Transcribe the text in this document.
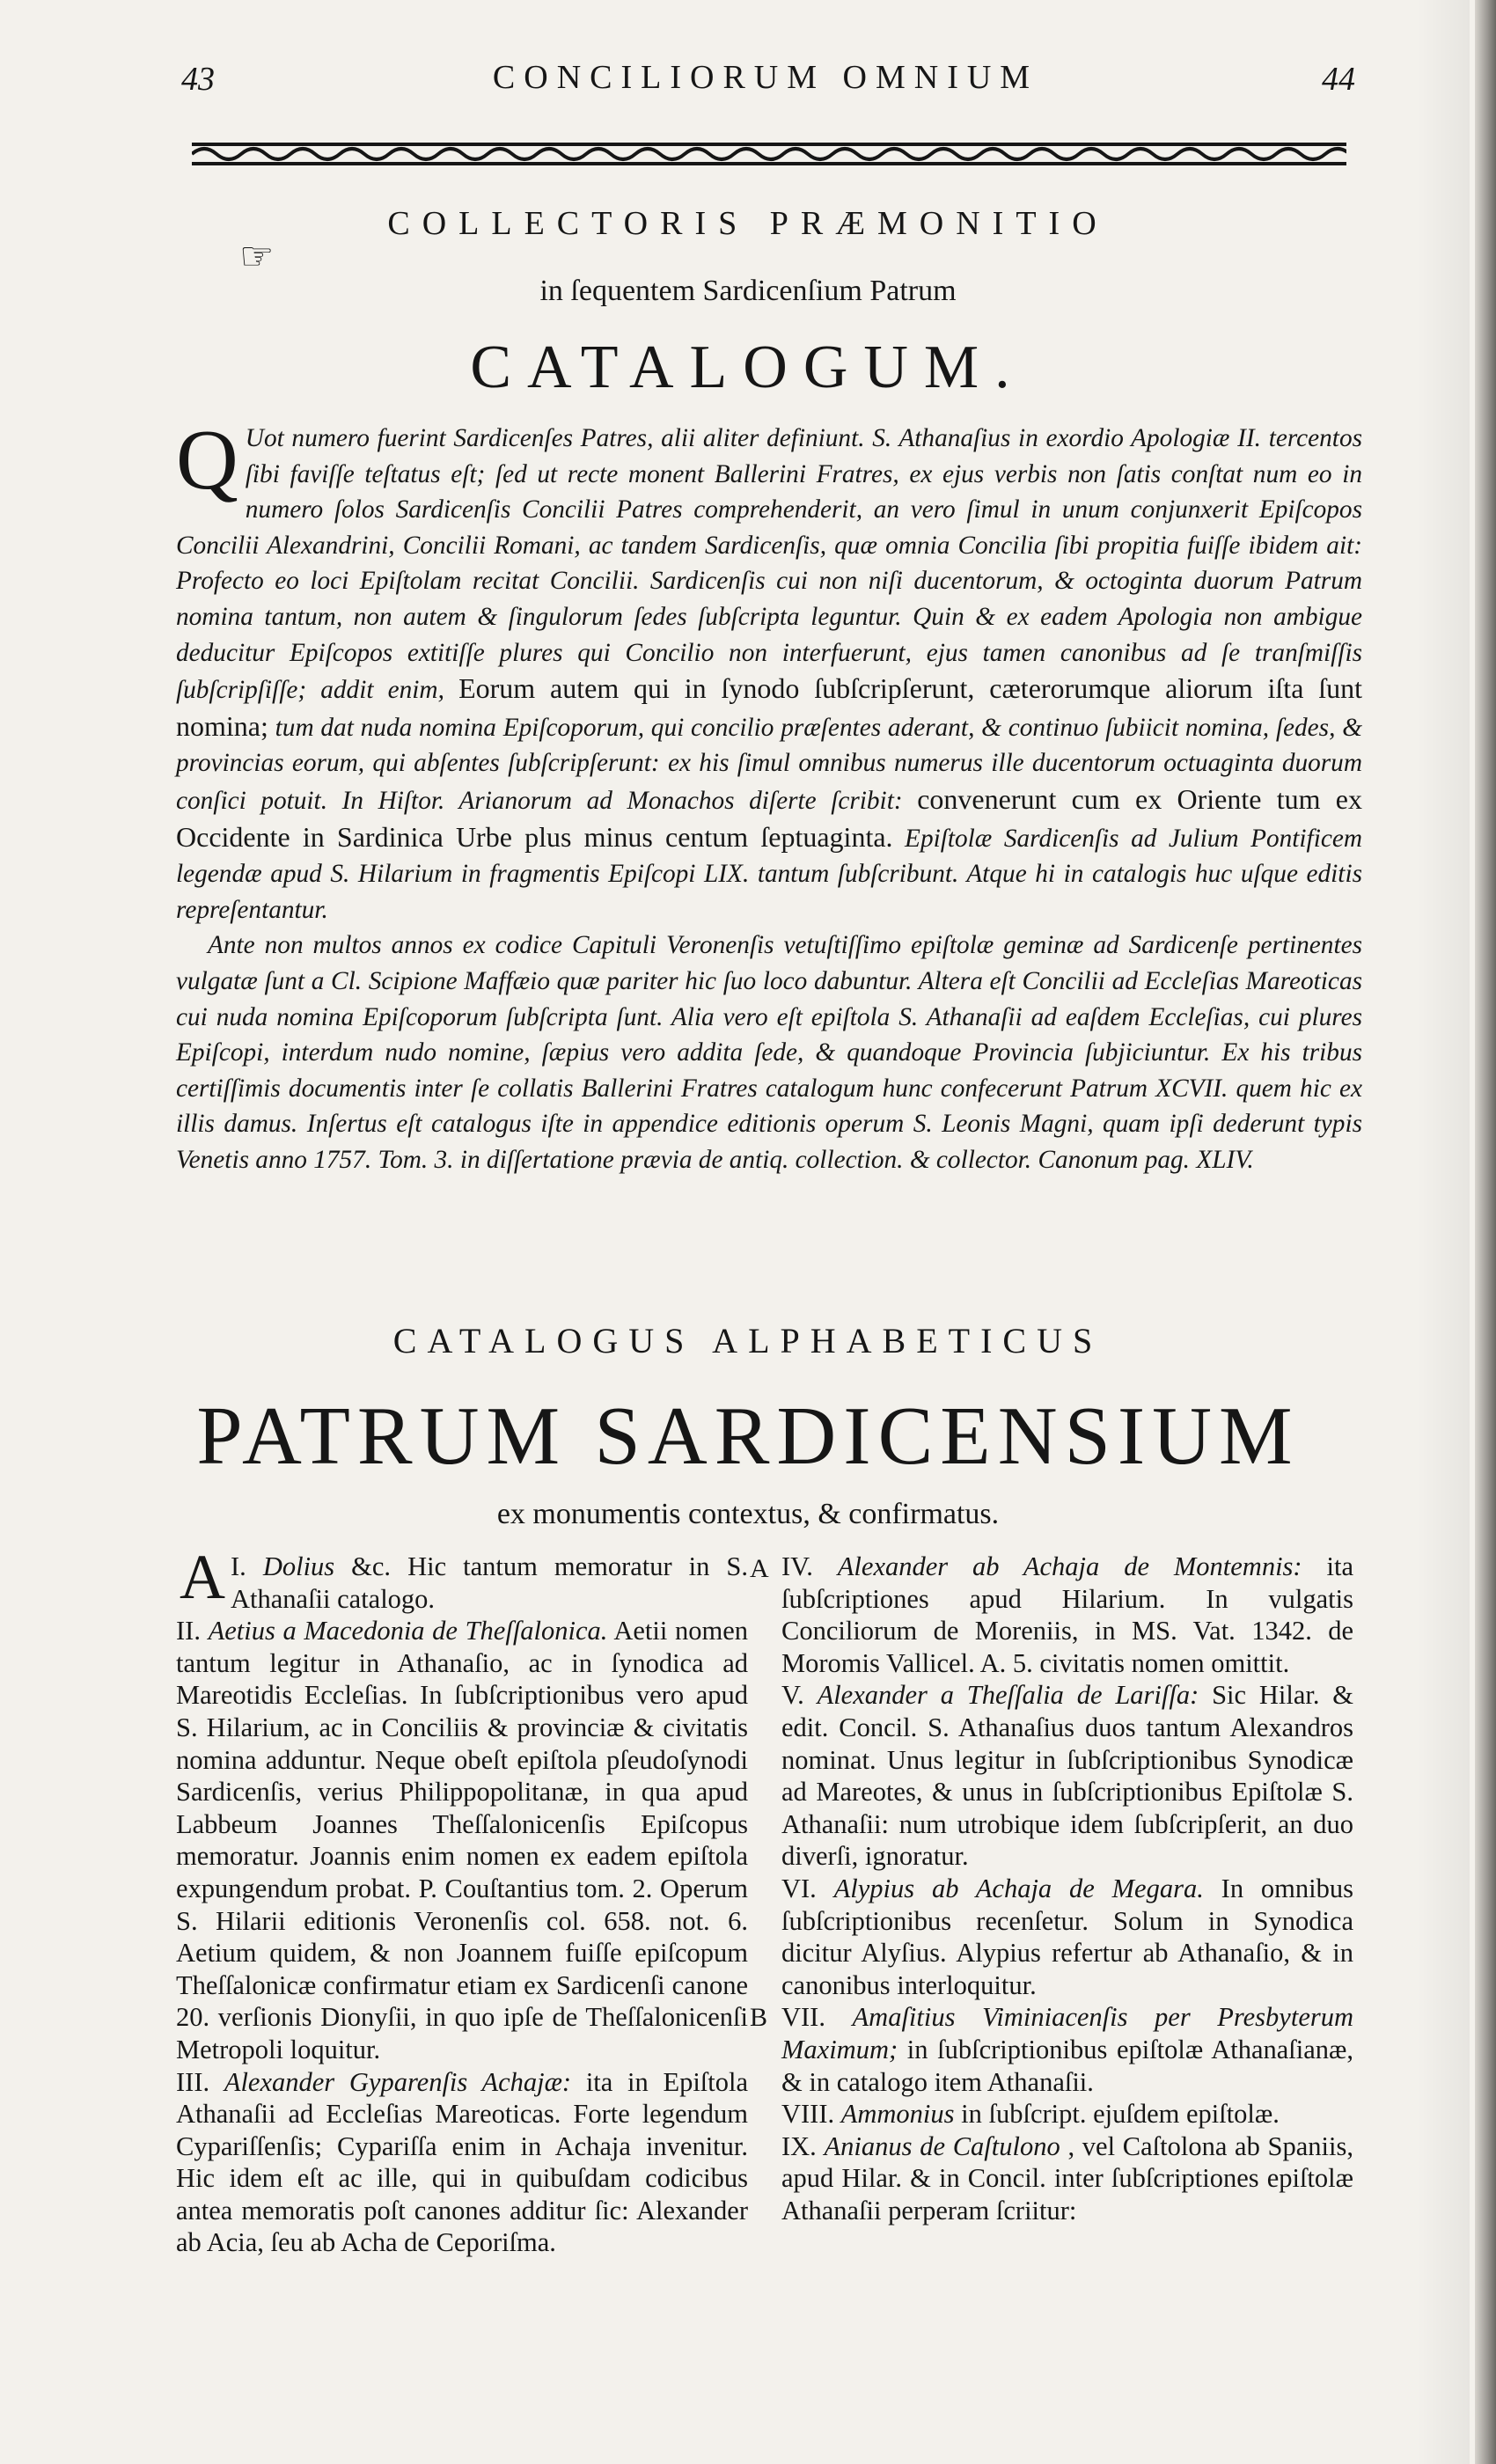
43	CONCILIORUM OMNIUM	44
COLLECTORIS PRÆMONITIO
☞
in ſequentem Sardicenſium Patrum
CATALOGUM.

Q Uot numero fuerint Sardicenſes Patres, alii aliter definiunt. S. Athanaſius in exordio Apologiæ II. tercentos ſibi faviſſe teſtatus eſt; ſed ut recte monent Ballerini Fratres, ex ejus verbis non ſatis conſtat num eo in numero ſolos Sardicenſis Concilii Patres comprehenderit, an vero ſimul in unum conjunxerit Epiſcopos Concilii Alexandrini, Concilii Romani, ac tandem Sardicenſis, quæ omnia Concilia ſibi propitia fuiſſe ibidem ait: Profecto eo loci Epiſtolam recitat Concilii. Sardicenſis cui non niſi ducentorum, & octoginta duorum Patrum nomina tantum, non autem & ſingulorum ſedes ſubſcripta leguntur. Quin & ex eadem Apologia non ambigue deducitur Epiſcopos extitiſſe plures qui Concilio non interfuerunt, ejus tamen canonibus ad ſe tranſmiſſis ſubſcripſiſſe; addit enim, Eorum autem qui in ſynodo ſubſcripſerunt, cæterorumque aliorum iſta ſunt nomina; tum dat nuda nomina Epiſcoporum, qui concilio præſentes aderant, & continuo ſubiicit nomina, ſedes, & provincias eorum, qui abſentes ſubſcripſerunt: ex his ſimul omnibus numerus ille ducentorum octuaginta duorum conſici potuit. In Hiſtor. Arianorum ad Monachos diſerte ſcribit: convenerunt cum ex Oriente tum ex Occidente in Sardinica Urbe plus minus centum ſeptuaginta. Epiſtolæ Sardicenſis ad Julium Pontificem legendæ apud S. Hilarium in fragmentis Epiſcopi LIX. tantum ſubſcribunt. Atque hi in catalogis huc uſque editis repreſentantur.

Ante non multos annos ex codice Capituli Veronenſis vetuſtiſſimo epiſtolæ geminæ ad Sardicenſe pertinentes vulgatæ ſunt a Cl. Scipione Maffæio quæ pariter hic ſuo loco dabuntur. Altera eſt Concilii ad Eccleſias Mareoticas cui nuda nomina Epiſcoporum ſubſcripta ſunt. Alia vero eſt epiſtola S. Athanaſii ad eaſdem Eccleſias, cui plures Epiſcopi, interdum nudo nomine, ſæpius vero addita ſede, & quandoque Provincia ſubjiciuntur. Ex his tribus certiſſimis documentis inter ſe collatis Ballerini Fratres catalogum hunc confecerunt Patrum XCVII. quem hic ex illis damus. Inſertus eſt catalogus iſte in appendice editionis operum S. Leonis Magni, quam ipſi dederunt typis Venetis anno 1757. Tom. 3. in diſſertatione prævia de antiq. collection. & collector. Canonum pag. XLIV.

CATALOGUS ALPHABETICUS
PATRUM SARDICENSIUM
ex monumentis contextus, & confirmatus.
A
B

I.
A Dolius &c. Hic tantum memoratur in S. Athanaſii catalogo.

II. Aetius a Macedonia de Theſſalonica. Aetii nomen tantum legitur in Athanaſio, ac in ſynodica ad Mareotidis Eccleſias. In ſubſcriptionibus vero apud S. Hilarium, ac in Conciliis & provinciæ & civitatis nomina adduntur. Neque obeſt epiſtola pſeudoſynodi Sardicenſis, verius Philippopolitanæ, in qua apud Labbeum Joannes Theſſalonicenſis Epiſcopus memoratur. Joannis enim nomen ex eadem epiſtola expungendum probat. P. Couſtantius tom. 2. Operum S. Hilarii editionis Veronenſis col. 658. not. 6. Aetium quidem, & non Joannem fuiſſe epiſcopum Theſſalonicæ confirmatur etiam ex Sardicenſi canone 20. verſionis Dionyſii, in quo ipſe de Theſſalonicenſi Metropoli loquitur.

III. Alexander Gyparenſis Achajæ: ita in Epiſtola Athanaſii ad Eccleſias Mareoticas. Forte legendum Cypariſſenſis; Cypariſſa enim in Achaja invenitur. Hic idem eſt ac ille, qui in quibuſdam codicibus antea memoratis poſt canones additur ſic: Alexander ab Acia, ſeu ab Acha de Ceporiſma.

IV. Alexander ab Achaja de Montemnis: ita ſubſcriptiones apud Hilarium. In vulgatis Conciliorum de Moreniis, in MS. Vat. 1342. de Moromis Vallicel. A. 5. civitatis nomen omittit.

V. Alexander a Theſſalia de Lariſſa: Sic Hilar. & edit. Concil. S. Athanaſius duos tantum Alexandros nominat. Unus legitur in ſubſcriptionibus Synodicæ ad Mareotes, & unus in ſubſcriptionibus Epiſtolæ S. Athanaſii: num utrobique idem ſubſcripſerit, an duo diverſi, ignoratur.

VI. Alypius ab Achaja de Megara. In omnibus ſubſcriptionibus recenſetur. Solum in Synodica dicitur Alyſius. Alypius refertur ab Athanaſio, & in canonibus interloquitur.

VII. Amaſitius Viminiacenſis per Presbyterum Maximum; in ſubſcriptionibus epiſtolæ Athanaſianæ, & in catalogo item Athanaſii.

VIII. Ammonius in ſubſcript. ejuſdem epiſtolæ.

IX. Anianus de Caſtulono , vel Caſtolona ab Spaniis, apud Hilar. & in Concil. inter ſubſcriptiones epiſtolæ Athanaſii perperam ſcriitur:
